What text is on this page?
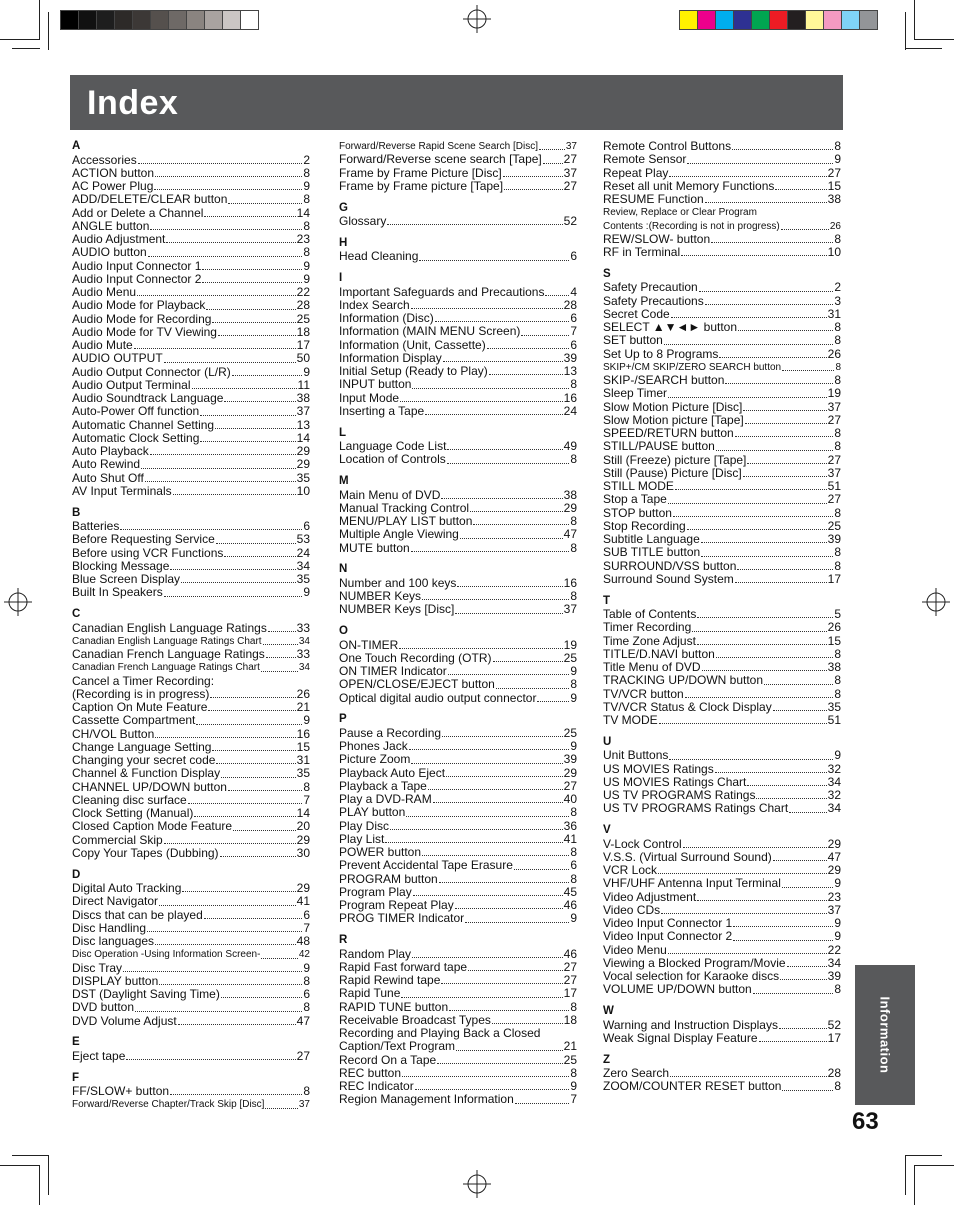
Index
A
Accessories	2
ACTION button	8
AC Power Plug	9
ADD/DELETE/CLEAR button	8
Add or Delete a Channel	14
ANGLE button	8
Audio Adjustment	23
AUDIO button	8
Audio Input Connector 1	9
Audio Input Connector 2	9
Audio Menu	22
Audio Mode for Playback	28
Audio Mode for Recording	25
Audio Mode for TV Viewing	18
Audio Mute	17
AUDIO OUTPUT	50
Audio Output Connector (L/R)	9
Audio Output Terminal	11
Audio Soundtrack Language	38
Auto-Power Off function	37
Automatic Channel Setting	13
Automatic Clock Setting	14
Auto Playback	29
Auto Rewind	29
Auto Shut Off	35
AV Input Terminals	10
B
Batteries	6
Before Requesting Service	53
Before using VCR Functions	24
Blocking Message	34
Blue Screen Display	35
Built In Speakers	9
C
Canadian English Language Ratings 33
Canadian English Language Ratings Chart	34
Canadian French Language Ratings	33
Canadian French Language Ratings Chart	34
Cancel a Timer Recording:
(Recording is in progress)	26
Caption On Mute Feature	21
Cassette Compartment	9
CH/VOL Button	16
Change Language Setting	15
Changing your secret code	31
Channel & Function Display	35
CHANNEL UP/DOWN button	8
Cleaning disc surface	7
Clock Setting (Manual)	14
Closed Caption Mode Feature	20
Commercial Skip	29
Copy Your Tapes (Dubbing)	30
D
Digital Auto Tracking	29
Direct Navigator	41
Discs that can be played	6
Disc Handling	7
Disc languages	48
Disc Operation -Using Information Screen-	42
Disc Tray	9
DISPLAY button	8
DST (Daylight Saving Time)	6
DVD button	8
DVD Volume Adjust	47
E
Eject tape	27
F
FF/SLOW+ button	8
Forward/Reverse Chapter/Track Skip [Disc]	37
Forward/Reverse Rapid Scene Search [Disc]	37
Forward/Reverse scene search [Tape] 27
Frame by Frame Picture [Disc]	37
Frame by Frame picture [Tape]	27
G
Glossary	52
H
Head Cleaning	6
I
Important Safeguards and Precautions 4
Index Search	28
Information (Disc)	6
Information (MAIN MENU Screen)	7
Information (Unit, Cassette)	6
Information Display	39
Initial Setup (Ready to Play)	13
INPUT button	8
Input Mode	16
Inserting a Tape	24
L
Language Code List	49
Location of Controls	8
M
Main Menu of DVD	38
Manual Tracking Control	29
MENU/PLAY LIST button	8
Multiple Angle Viewing	47
MUTE button	8
N
Number and 100 keys	16
NUMBER Keys	8
NUMBER Keys [Disc]	37
O
ON-TIMER	19
One Touch Recording (OTR)	25
ON TIMER Indicator	9
OPEN/CLOSE/EJECT button	8
Optical digital audio output connector	9
P
Pause a Recording	25
Phones Jack	9
Picture Zoom	39
Playback Auto Eject	29
Playback a Tape	27
Play a DVD-RAM	40
PLAY button	8
Play Disc	36
Play List	41
POWER button	8
Prevent Accidental Tape Erasure	6
PROGRAM button	8
Program Play	45
Program Repeat Play	46
PROG TIMER Indicator	9
R
Random Play	46
Rapid Fast forward tape	27
Rapid Rewind tape	27
Rapid Tune	17
RAPID TUNE button	8
Receivable Broadcast Types	18
Recording and Playing Back a Closed
Caption/Text Program	21
Record On a Tape	25
REC button	8
REC Indicator	9
Region Management Information	7
Remote Control Buttons	8
Remote Sensor	9
Repeat Play	27
Reset all unit Memory Functions	15
RESUME Function	38
Review, Replace or Clear Program
Contents :(Recording is not in progress)	26
REW/SLOW- button	8
RF in Terminal	10
S
Safety Precaution	2
Safety Precautions	3
Secret Code	31
SELECT ▲▼◄► button	8
SET button	8
Set Up to 8 Programs	26
SKIP+/CM SKIP/ZERO SEARCH button	8
SKIP-/SEARCH button	8
Sleep Timer	19
Slow Motion Picture [Disc]	37
Slow Motion picture [Tape]	27
SPEED/RETURN button	8
STILL/PAUSE button	8
Still (Freeze) picture [Tape]	27
Still (Pause) Picture [Disc]	37
STILL MODE	51
Stop a Tape	27
STOP button	8
Stop Recording	25
Subtitle Language	39
SUB TITLE button	8
SURROUND/VSS button	8
Surround Sound System	17
T
Table of Contents	5
Timer Recording	26
Time Zone Adjust	15
TITLE/D.NAVI button	8
Title Menu of DVD	38
TRACKING UP/DOWN button	8
TV/VCR button	8
TV/VCR Status & Clock Display	35
TV MODE	51
U
Unit Buttons	9
US MOVIES Ratings	32
US MOVIES Ratings Chart	34
US TV PROGRAMS Ratings	32
US TV PROGRAMS Ratings Chart	34
V
V-Lock Control	29
V.S.S. (Virtual Surround Sound)	47
VCR Lock	29
VHF/UHF Antenna Input Terminal	9
Video Adjustment	23
Video CDs	37
Video Input Connector 1	9
Video Input Connector 2	9
Video Menu	22
Viewing a Blocked Program/Movie	34
Vocal selection for Karaoke discs	39
VOLUME UP/DOWN button	8
W
Warning and Instruction Displays	52
Weak Signal Display Feature	17
Z
Zero Search	28
ZOOM/COUNTER RESET button	8
Information
63
